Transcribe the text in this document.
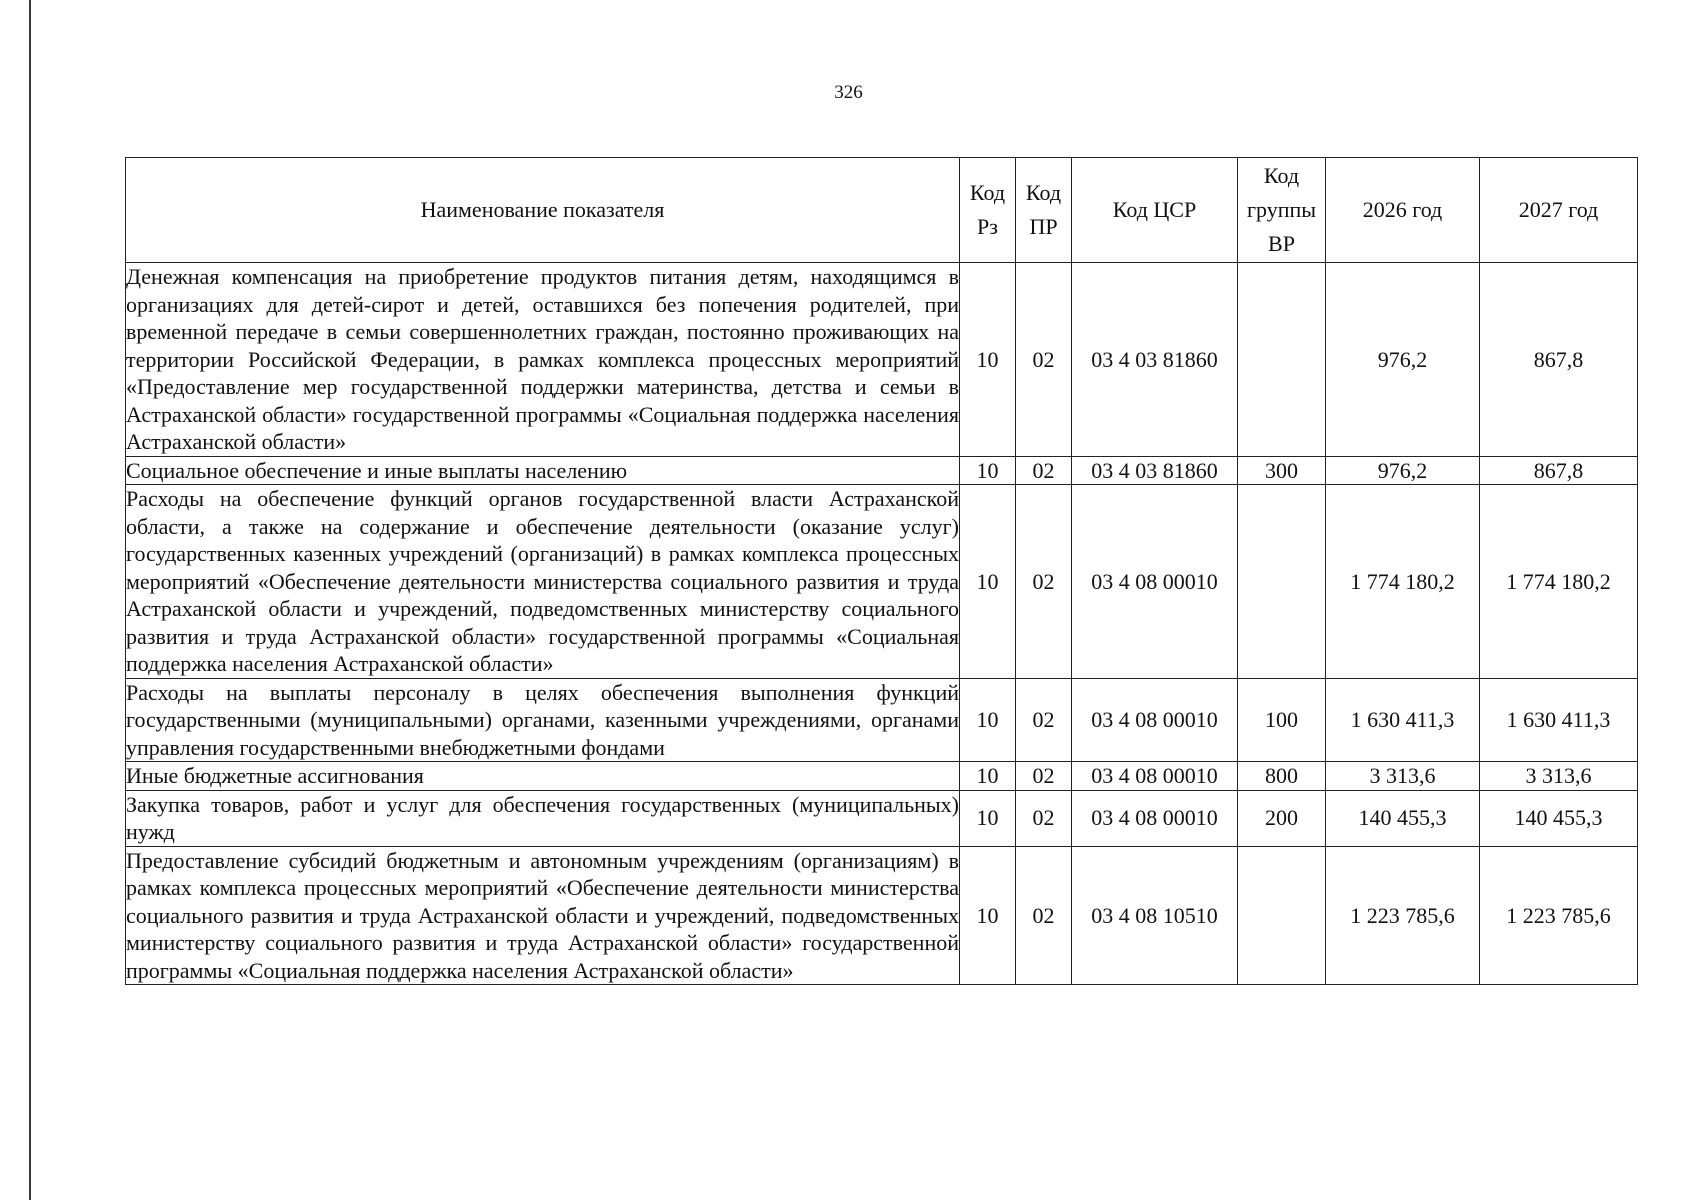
326
Наименование показателя	Код Рз	Код ПР	Код ЦСР	Код группы ВР	2026 год	2027 год
Денежная компенсация на приобретение продуктов питания детям, находящимся в организациях для детей-сирот и детей, оставшихся без попечения родителей, при временной передаче в семьи совершеннолетних граждан, постоянно проживающих на территории Российской Федерации, в рамках комплекса процессных мероприятий «Предоставление мер государственной поддержки материнства, детства и семьи в Астраханской области» государственной программы «Социальная поддержка населения Астраханской области»	10	02	03 4 03 81860		976,2	867,8
Социальное обеспечение и иные выплаты населению	10	02	03 4 03 81860	300	976,2	867,8
Расходы на обеспечение функций органов государственной власти Астраханской области, а также на содержание и обеспечение деятельности (оказание услуг) государственных казенных учреждений (организаций) в рамках комплекса процессных мероприятий «Обеспечение деятельности министерства социального развития и труда Астраханской области и учреждений, подведомственных министерству социального развития и труда Астраханской области» государственной программы «Социальная поддержка населения Астраханской области»	10	02	03 4 08 00010		1 774 180,2	1 774 180,2
Расходы на выплаты персоналу в целях обеспечения выполнения функций государственными (муниципальными) органами, казенными учреждениями, органами управления государственными внебюджетными фондами	10	02	03 4 08 00010	100	1 630 411,3	1 630 411,3
Иные бюджетные ассигнования	10	02	03 4 08 00010	800	3 313,6	3 313,6
Закупка товаров, работ и услуг для обеспечения государственных (муниципальных) нужд	10	02	03 4 08 00010	200	140 455,3	140 455,3
Предоставление субсидий бюджетным и автономным учреждениям (организациям) в рамках комплекса процессных мероприятий «Обеспечение деятельности министерства социального развития и труда Астраханской области и учреждений, подведомственных министерству социального развития и труда Астраханской области» государственной программы «Социальная поддержка населения Астраханской области»	10	02	03 4 08 10510		1 223 785,6	1 223 785,6
